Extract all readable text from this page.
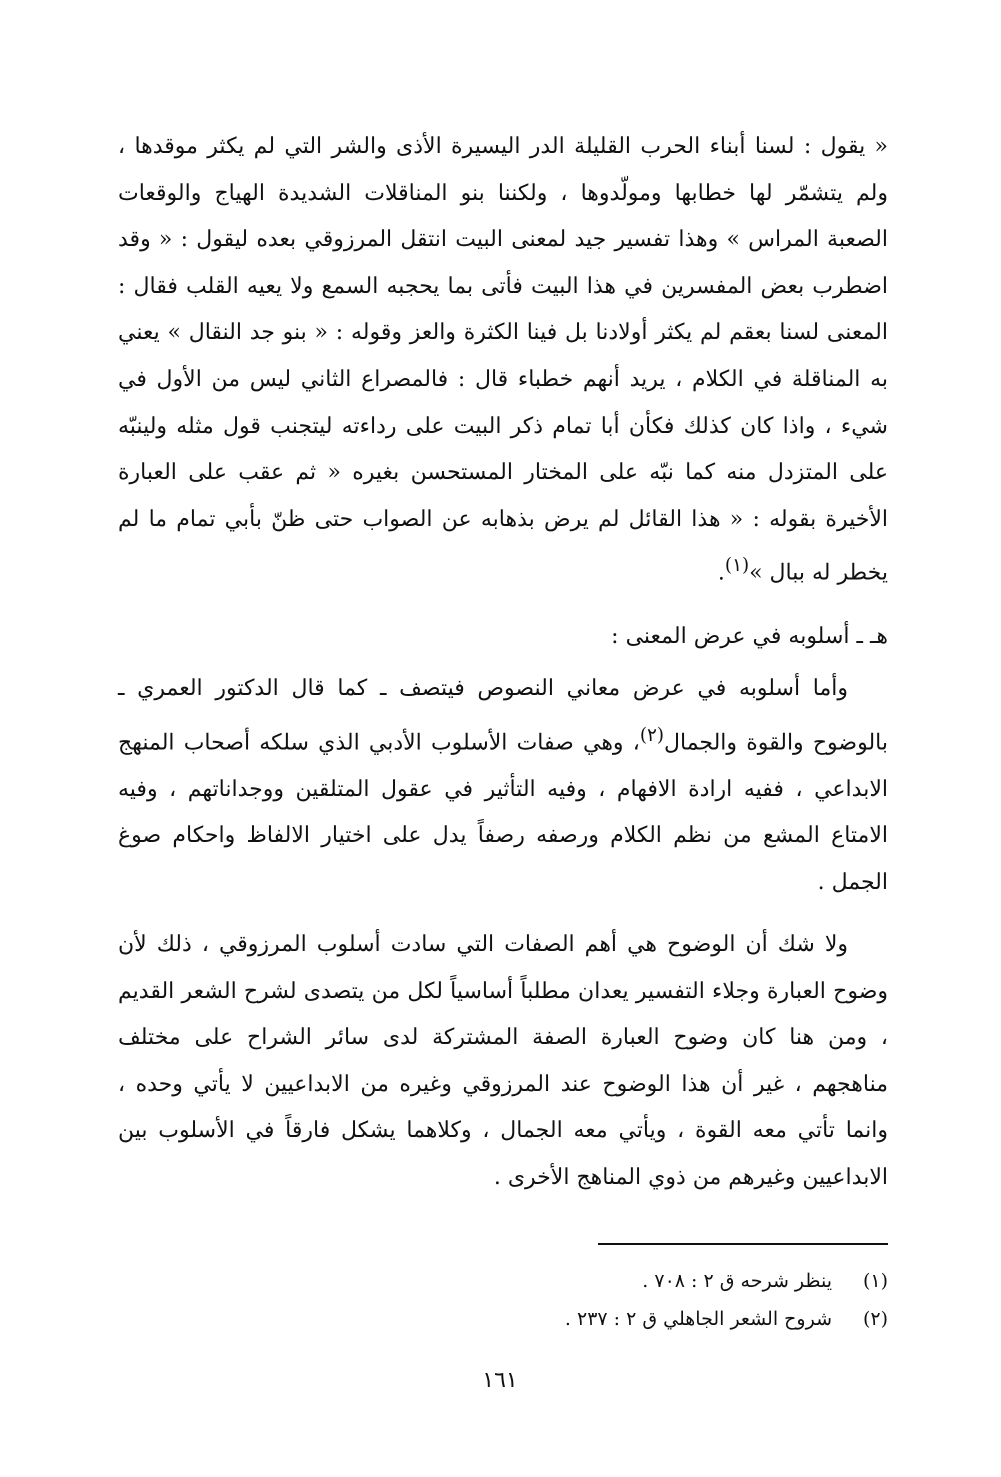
« يقول : لسنا أبناء الحرب القليلة الدر اليسيرة الأذى والشر التي لم يكثر موقدها ، ولم يتشمّر لها خطابها ومولّدوها ، ولكننا بنو المناقلات الشديدة الهياج والوقعات الصعبة المراس » وهذا تفسير جيد لمعنى البيت انتقل المرزوقي بعده ليقول : « وقد اضطرب بعض المفسرين في هذا البيت فأتى بما يحجبه السمع ولا يعيه القلب فقال : المعنى لسنا بعقم لم يكثر أولادنا بل فينا الكثرة والعز وقوله : « بنو جد النقال » يعني به المناقلة في الكلام ، يريد أنهم خطباء قال : فالمصراع الثاني ليس من الأول في شيء ، واذا كان كذلك فكأن أبا تمام ذكر البيت على رداءته ليتجنب قول مثله ولينبّه على المتزدل منه كما نبّه على المختار المستحسن بغيره « ثم عقب على العبارة الأخيرة بقوله : « هذا القائل لم يرض بذهابه عن الصواب حتى ظنّ بأبي تمام ما لم يخطر له ببال »$^{(١)}$.

هـ ـ أسلوبه في عرض المعنى :

وأما أسلوبه في عرض معاني النصوص فيتصف ـ كما قال الدكتور العمري ـ بالوضوح والقوة والجمال$^{(٢)}$، وهي صفات الأسلوب الأدبي الذي سلكه أصحاب المنهج الابداعي ، ففيه ارادة الافهام ، وفيه التأثير في عقول المتلقين ووجداناتهم ، وفيه الامتاع المشع من نظم الكلام ورصفه رصفاً يدل على اختيار الالفاظ واحكام صوغ الجمل .

ولا شك أن الوضوح هي أهم الصفات التي سادت أسلوب المرزوقي ، ذلك لأن وضوح العبارة وجلاء التفسير يعدان مطلباً أساسياً لكل من يتصدى لشرح الشعر القديم ، ومن هنا كان وضوح العبارة الصفة المشتركة لدى سائر الشراح على مختلف مناهجهم ، غير أن هذا الوضوح عند المرزوقي وغيره من الابداعيين لا يأتي وحده ، وانما تأتي معه القوة ، ويأتي معه الجمال ، وكلاهما يشكل فارقاً في الأسلوب بين الابداعيين وغيرهم من ذوي المناهج الأخرى .

(١)ينظر شرحه ق ٢ : ٧٠٨ .
(٢)شروح الشعر الجاهلي ق ٢ : ٢٣٧ .
١٦١
